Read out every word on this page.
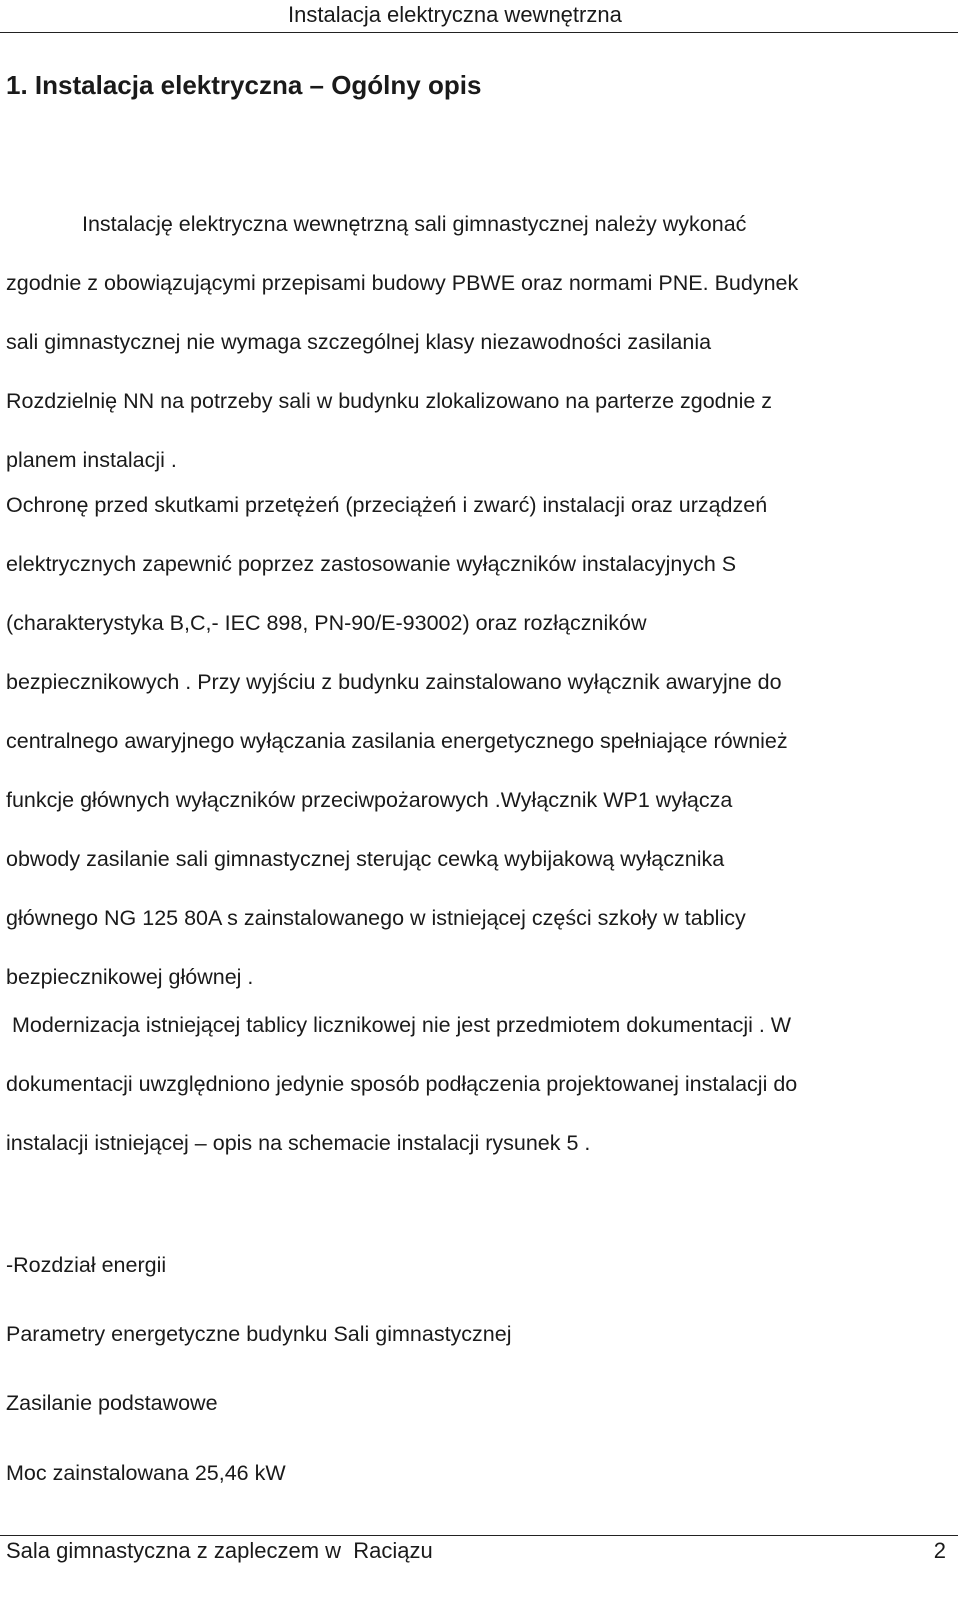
Instalacja elektryczna wewnętrzna
1. Instalacja elektryczna – Ogólny opis
Instalację elektryczna wewnętrzną sali gimnastycznej należy wykonać
zgodnie z obowiązującymi przepisami budowy PBWE oraz normami PNE. Budynek
sali gimnastycznej nie wymaga szczególnej klasy niezawodności zasilania
Rozdzielnię NN na potrzeby sali w budynku zlokalizowano na parterze zgodnie z
planem instalacji .
Ochronę przed skutkami przetężeń (przeciążeń i zwarć) instalacji oraz urządzeń
elektrycznych zapewnić poprzez zastosowanie wyłączników instalacyjnych S
(charakterystyka B,C,- IEC 898, PN-90/E-93002) oraz rozłączników
bezpiecznikowych . Przy wyjściu z budynku zainstalowano wyłącznik awaryjne do
centralnego awaryjnego wyłączania zasilania energetycznego spełniające również
funkcje głównych wyłączników przeciwpożarowych .Wyłącznik WP1 wyłącza
obwody zasilanie sali gimnastycznej sterując cewką wybijakową wyłącznika
głównego NG 125 80A s zainstalowanego w istniejącej części szkoły w tablicy
bezpiecznikowej głównej .
Modernizacja istniejącej tablicy licznikowej nie jest przedmiotem dokumentacji . W
dokumentacji uwzględniono jedynie sposób podłączenia projektowanej instalacji do
instalacji istniejącej – opis na schemacie instalacji rysunek 5 .
-Rozdział energii
Parametry energetyczne budynku Sali gimnastycznej
Zasilanie podstawowe
Moc zainstalowana 25,46 kW
Sala gimnastyczna z zapleczem w  Raciązu	2
